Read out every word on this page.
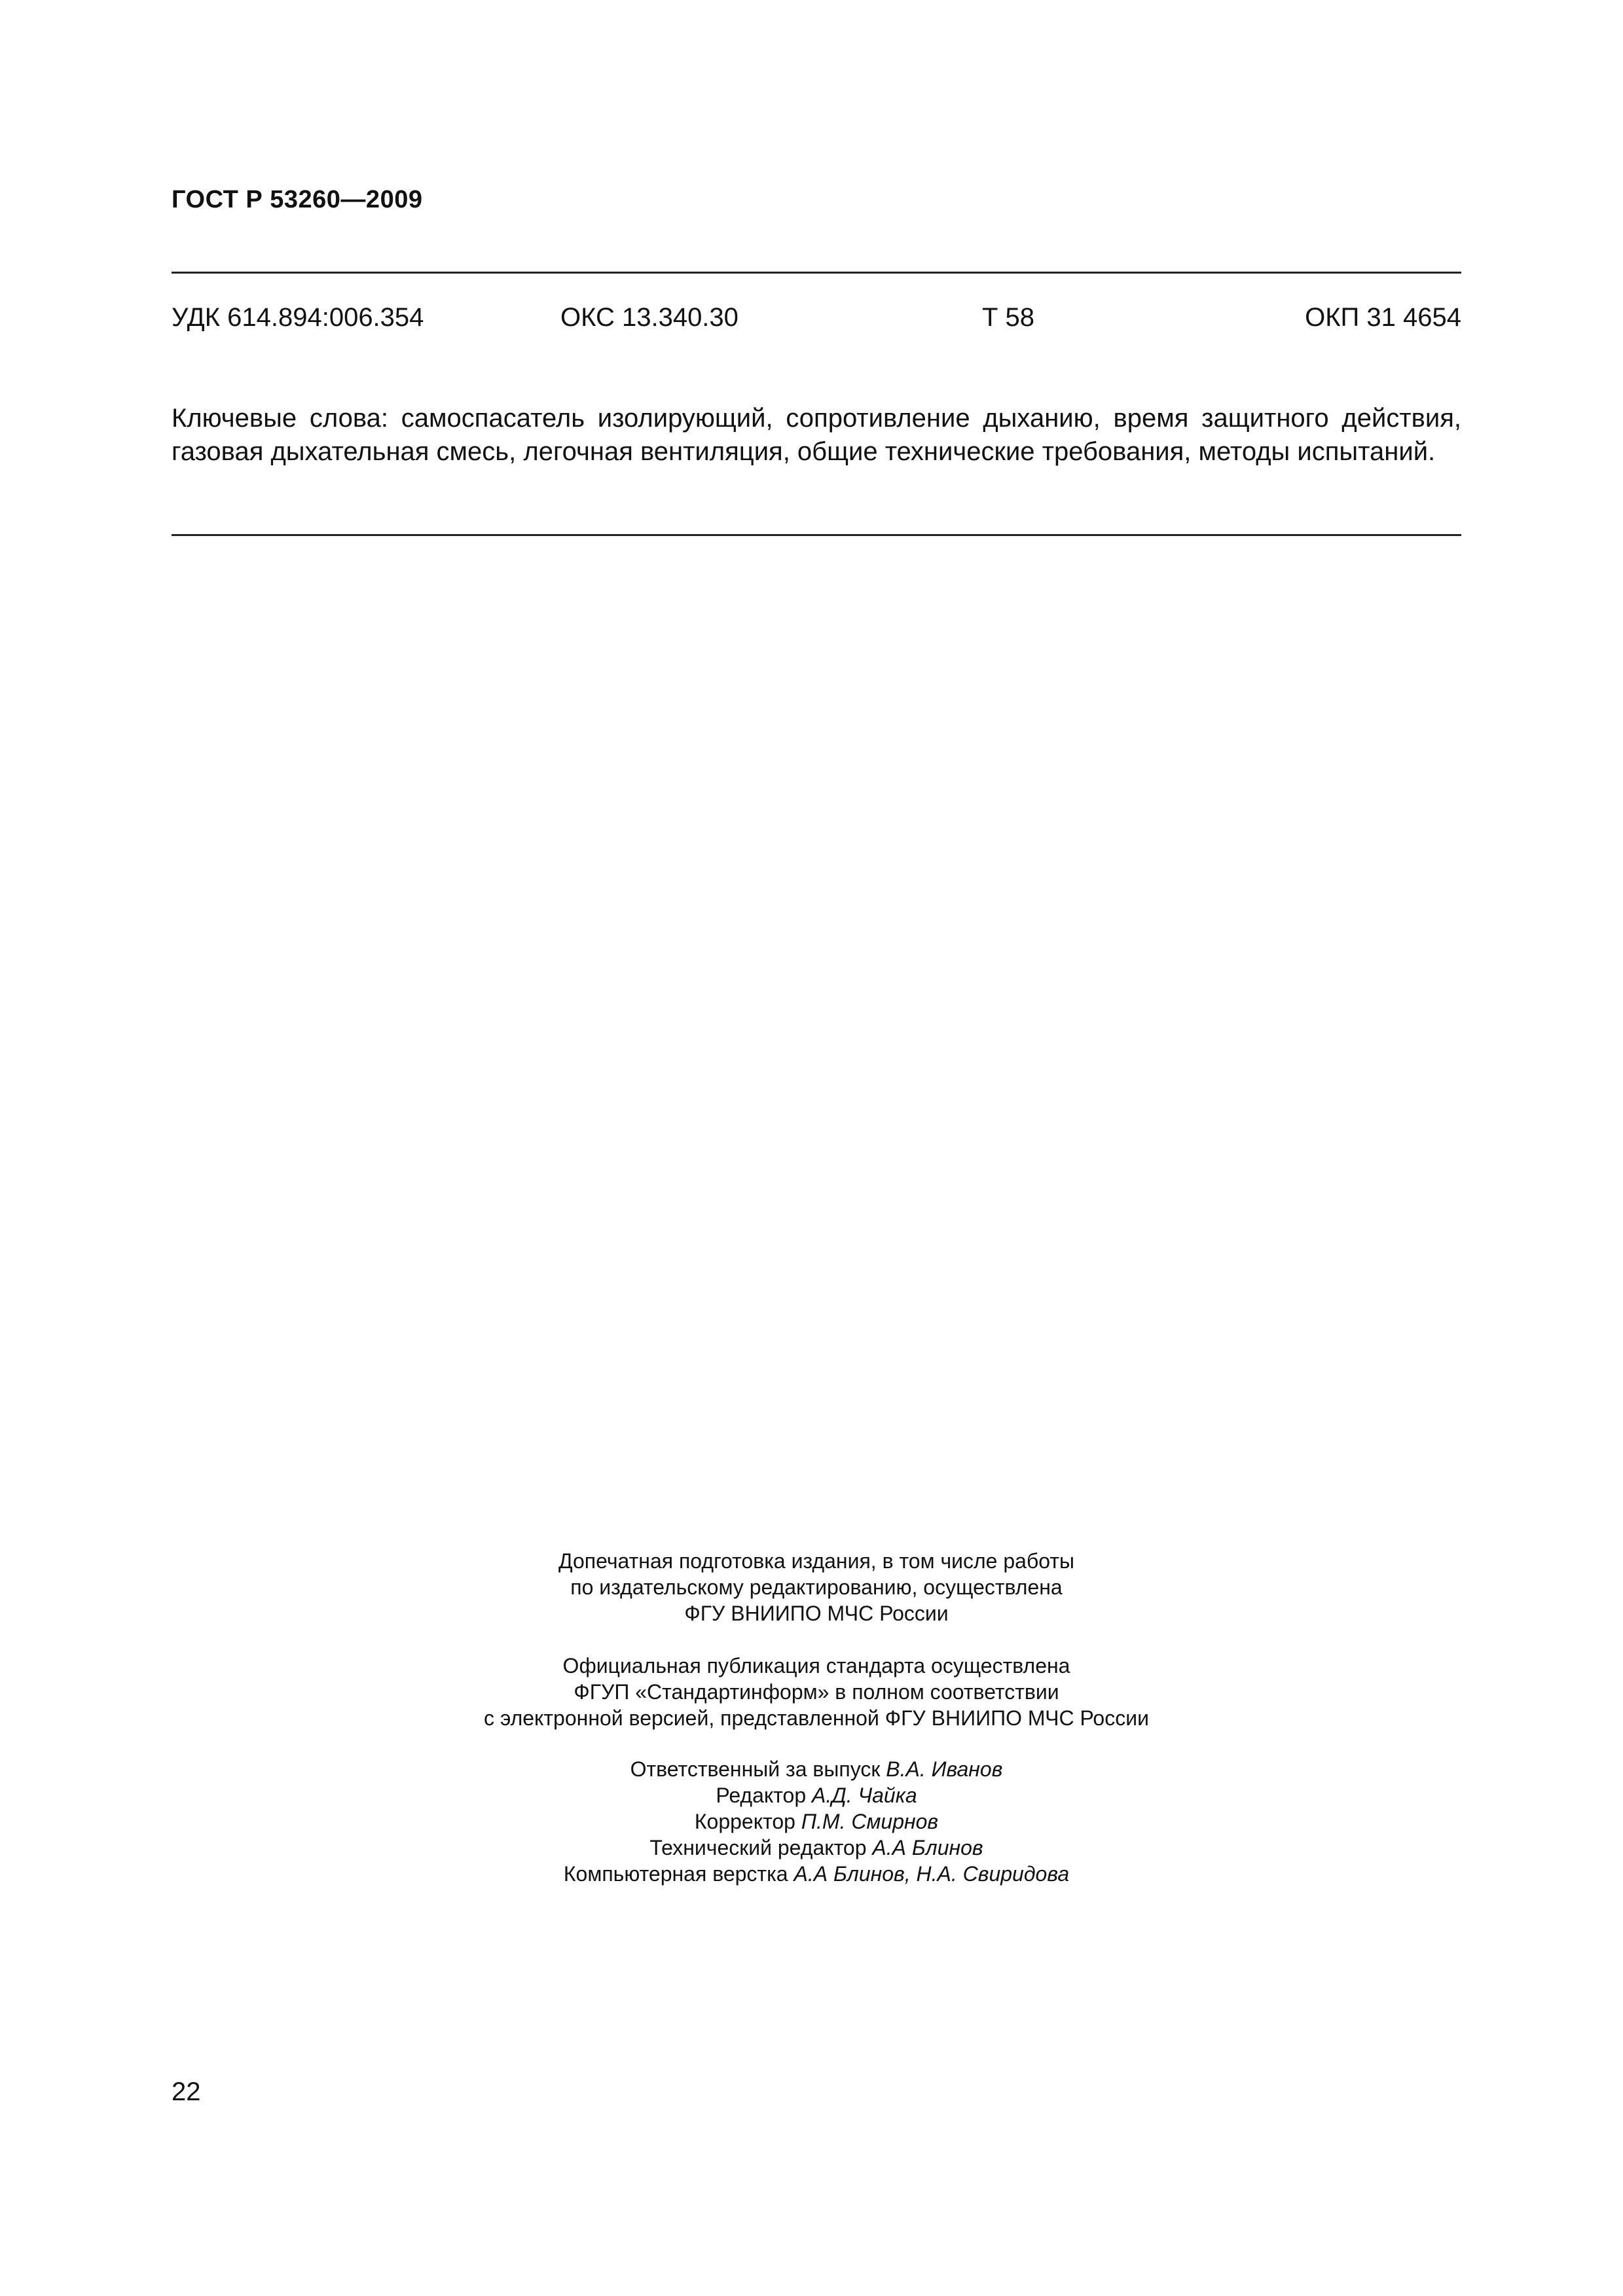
ГОСТ Р 53260—2009
УДК 614.894:006.354	ОКС 13.340.30	Т 58	ОКП 31 4654
Ключевые слова: самоспасатель изолирующий, сопротивление дыханию, время защитного действия, газовая дыхательная смесь, легочная вентиляция, общие технические требования, методы испытаний.

Допечатная подготовка издания, в том числе работы

по издательскому редактированию, осуществлена

ФГУ ВНИИПО МЧС России

Официальная публикация стандарта осуществлена

ФГУП «Стандартинформ» в полном соответствии

с электронной версией, представленной ФГУ ВНИИПО МЧС России

Ответственный за выпуск В.А. Иванов

Редактор А.Д. Чайка

Корректор П.М. Смирнов

Технический редактор А.А Блинов

Компьютерная верстка А.А Блинов, Н.А. Свиридова

22
